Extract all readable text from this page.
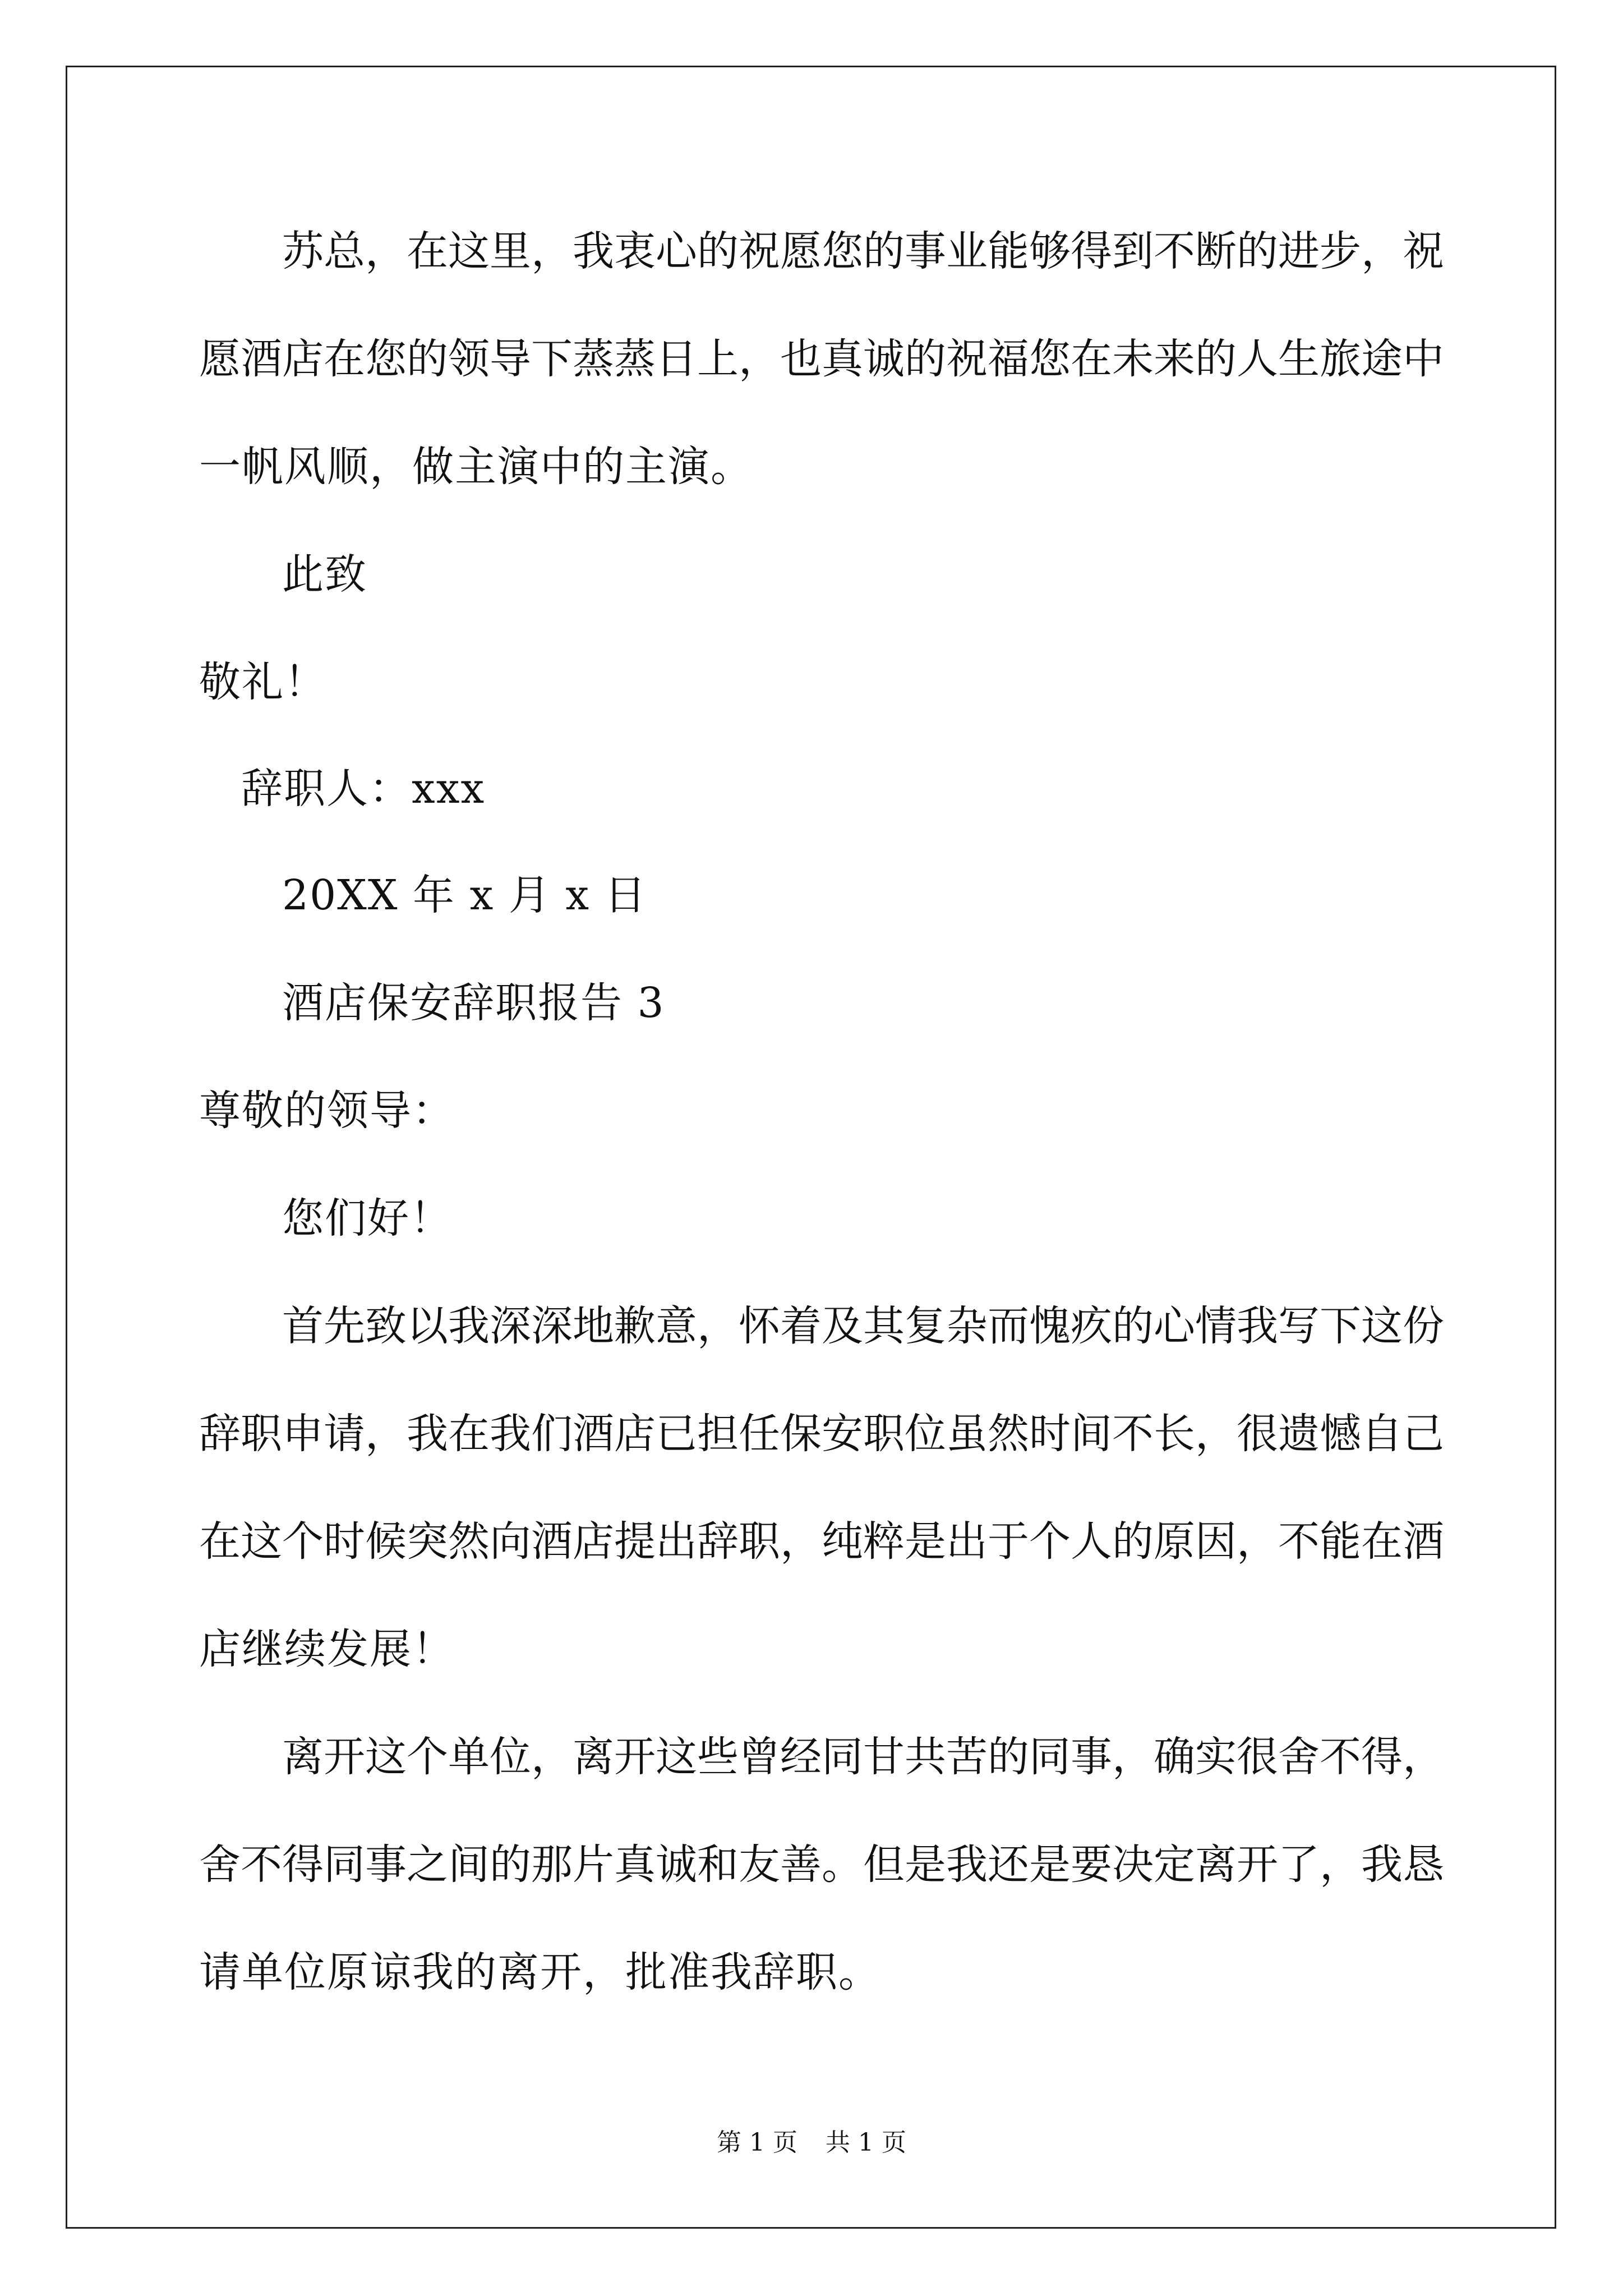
苏总，在这里，我衷心的祝愿您的事业能够得到不断的进步，祝
愿酒店在您的领导下蒸蒸日上，也真诚的祝福您在未来的人生旅途中
一帆风顺，做主演中的主演。
此致
敬礼！
辞职人：xxx
20XX 年 x 月 x 日
酒店保安辞职报告 3
尊敬的领导：
您们好！
首先致以我深深地歉意，怀着及其复杂而愧疚的心情我写下这份
辞职申请，我在我们酒店已担任保安职位虽然时间不长，很遗憾自己
在这个时候突然向酒店提出辞职，纯粹是出于个人的原因，不能在酒
店继续发展！
离开这个单位，离开这些曾经同甘共苦的同事，确实很舍不得，
舍不得同事之间的那片真诚和友善。但是我还是要决定离开了，我恳
请单位原谅我的离开，批准我辞职。
第 1 页 共 1 页
